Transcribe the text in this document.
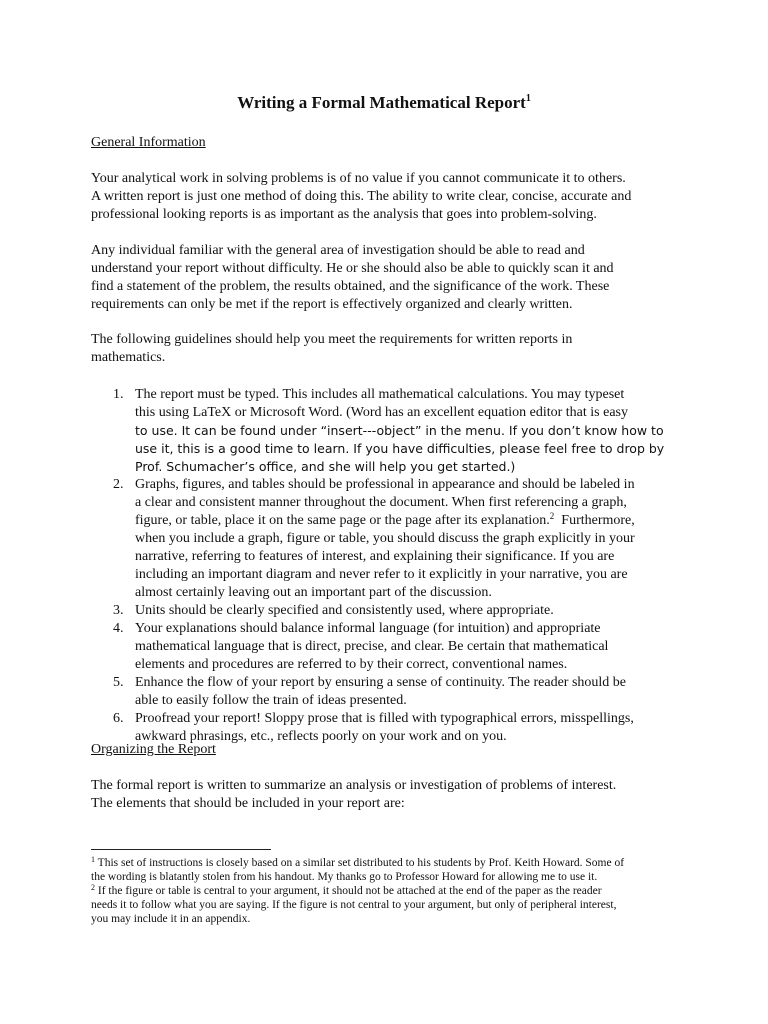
Writing a Formal Mathematical Report$^1$
General Information
Your analytical work in solving problems is of no value if you cannot communicate it to others.
A written report is just one method of doing this. The ability to write clear, concise, accurate and
professional looking reports is as important as the analysis that goes into problem-solving.
Any individual familiar with the general area of investigation should be able to read and
understand your report without difficulty. He or she should also be able to quickly scan it and
find a statement of the problem, the results obtained, and the significance of the work. These
requirements can only be met if the report is effectively organized and clearly written.
The following guidelines should help you meet the requirements for written reports in
mathematics.
1. The report must be typed. This includes all mathematical calculations. You may typeset
this using LaTeX or Microsoft Word. (Word has an excellent equation editor that is easy
to use. It can be found under “insert---object” in the menu. If you don’t know how to
use it, this is a good time to learn. If you have difficulties, please feel free to drop by
Prof. Schumacher’s office, and she will help you get started.)
2. Graphs, figures, and tables should be professional in appearance and should be labeled in
a clear and consistent manner throughout the document. When first referencing a graph,
figure, or table, place it on the same page or the page after its explanation.$^2$  Furthermore,
when you include a graph, figure or table, you should discuss the graph explicitly in your
narrative, referring to features of interest, and explaining their significance. If you are
including an important diagram and never refer to it explicitly in your narrative, you are
almost certainly leaving out an important part of the discussion.
3. Units should be clearly specified and consistently used, where appropriate.
4. Your explanations should balance informal language (for intuition) and appropriate
mathematical language that is direct, precise, and clear. Be certain that mathematical
elements and procedures are referred to by their correct, conventional names.
5. Enhance the flow of your report by ensuring a sense of continuity. The reader should be
able to easily follow the train of ideas presented.
6. Proofread your report! Sloppy prose that is filled with typographical errors, misspellings,
awkward phrasings, etc., reflects poorly on your work and on you.
Organizing the Report
The formal report is written to summarize an analysis or investigation of problems of interest.
The elements that should be included in your report are:
$^1$ This set of instructions is closely based on a similar set distributed to his students by Prof. Keith Howard. Some of
the wording is blatantly stolen from his handout. My thanks go to Professor Howard for allowing me to use it.
$^2$ If the figure or table is central to your argument, it should not be attached at the end of the paper as the reader
needs it to follow what you are saying. If the figure is not central to your argument, but only of peripheral interest,
you may include it in an appendix.
